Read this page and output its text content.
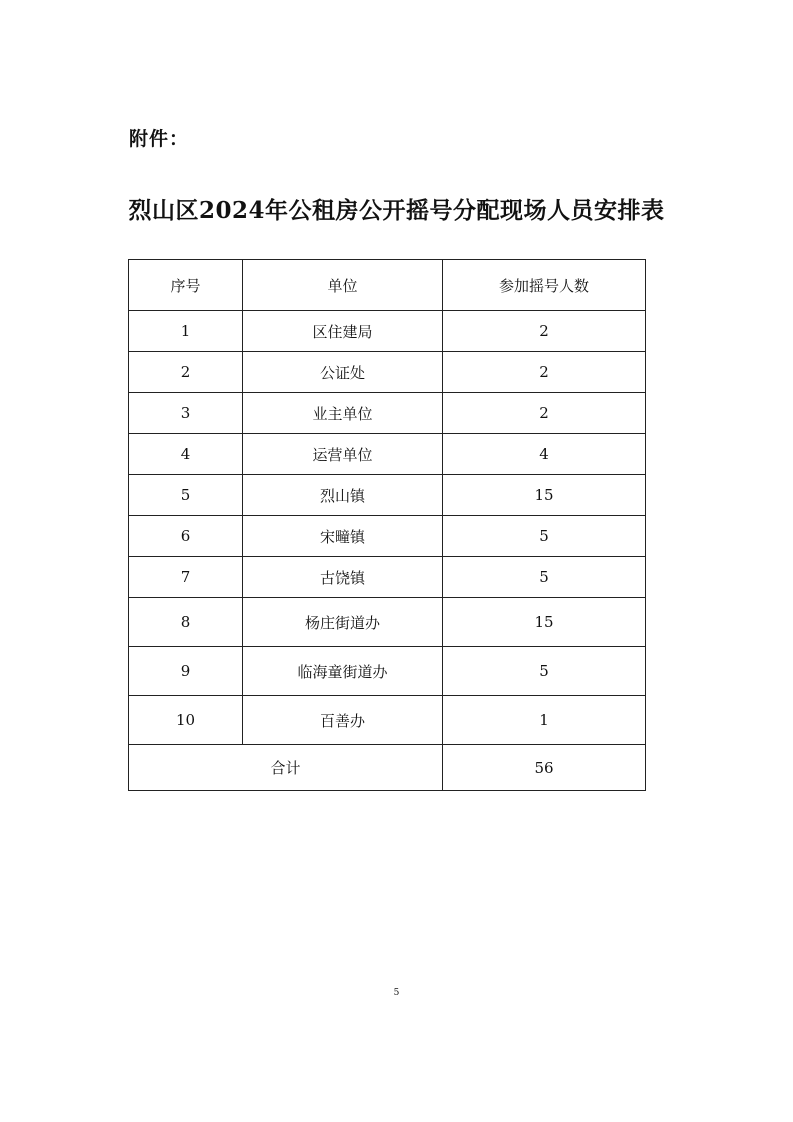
附件：
烈山区2024年公租房公开摇号分配现场人员安排表
序号	单位	参加摇号人数
1	区住建局	2
2	公证处	2
3	业主单位	2
4	运营单位	4
5	烈山镇	15
6	宋疃镇	5
7	古饶镇	5
8	杨庄街道办	15
9	临海童街道办	5
10	百善办	1
合计		56
5
